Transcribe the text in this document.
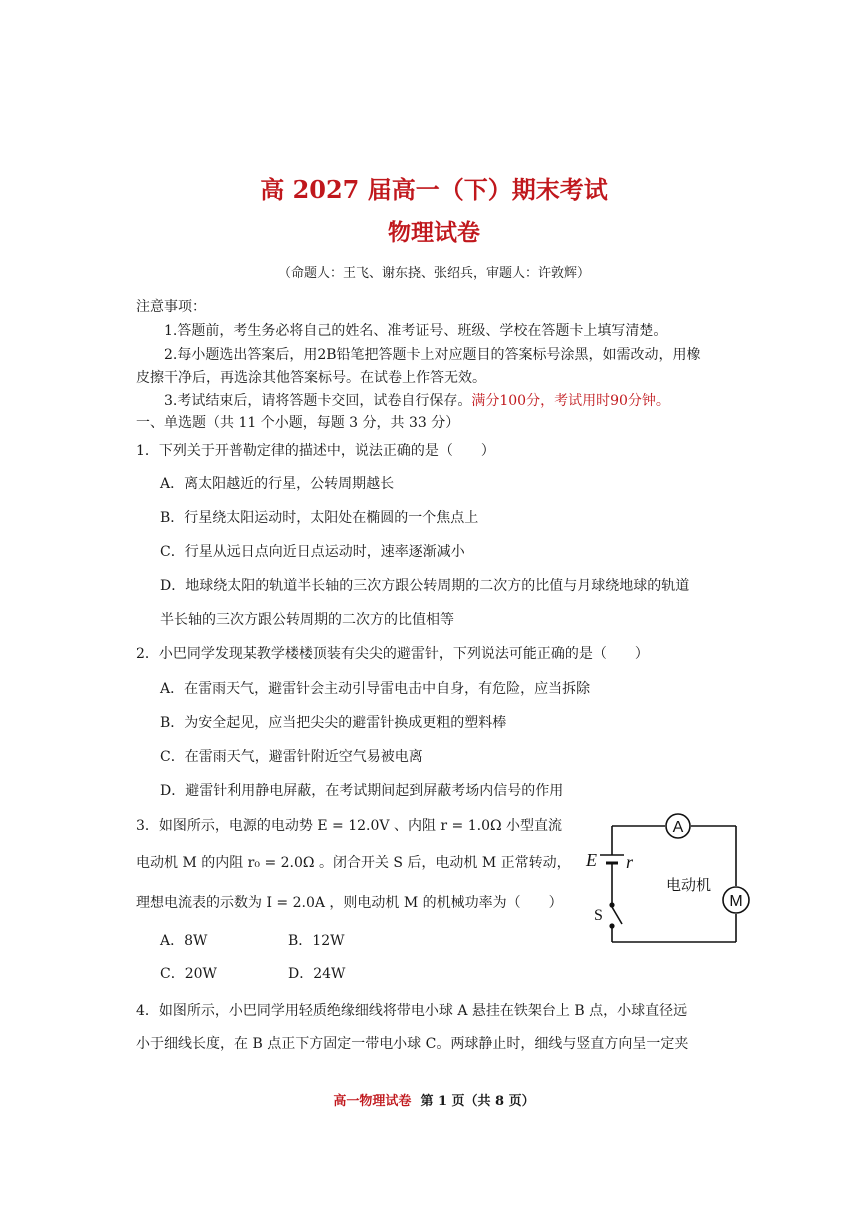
高 2027 届高一（下）期末考试
物理试卷
（命题人：王飞、谢东挠、张绍兵，审题人：许敦辉）
注意事项：
1.答题前，考生务必将自己的姓名、准考证号、班级、学校在答题卡上填写清楚。
2.每小题选出答案后，用2B铅笔把答题卡上对应题目的答案标号涂黑，如需改动，用橡
皮擦干净后，再选涂其他答案标号。在试卷上作答无效。
3.考试结束后，请将答题卡交回，试卷自行保存。满分100分，考试用时90分钟。
一、单选题（共 11 个小题，每题 3 分，共 33 分）
1．下列关于开普勒定律的描述中，说法正确的是（　　）
A．离太阳越近的行星，公转周期越长
B．行星绕太阳运动时，太阳处在椭圆的一个焦点上
C．行星从远日点向近日点运动时，速率逐渐减小
D．地球绕太阳的轨道半长轴的三次方跟公转周期的二次方的比值与月球绕地球的轨道
半长轴的三次方跟公转周期的二次方的比值相等
2．小巴同学发现某教学楼楼顶装有尖尖的避雷针，下列说法可能正确的是（　　）
A．在雷雨天气，避雷针会主动引导雷电击中自身，有危险，应当拆除
B．为安全起见，应当把尖尖的避雷针换成更粗的塑料棒
C．在雷雨天气，避雷针附近空气易被电离
D．避雷针利用静电屏蔽，在考试期间起到屏蔽考场内信号的作用
3．如图所示，电源的电动势 E = 12.0V 、内阻 r = 1.0Ω 小型直流
电动机 M 的内阻 r₀ = 2.0Ω 。闭合开关 S 后，电动机 M 正常转动，
理想电流表的示数为 I = 2.0A ，则电动机 M 的机械功率为（　　）
A．8W	B．12W
C．20W	D．24W
A
M
E r
S
电动机
4．如图所示，小巴同学用轻质绝缘细线将带电小球 A 悬挂在铁架台上 B 点，小球直径远
小于细线长度，在 B 点正下方固定一带电小球 C。两球静止时，细线与竖直方向呈一定夹
高一物理试卷 第 1 页（共 8 页）
